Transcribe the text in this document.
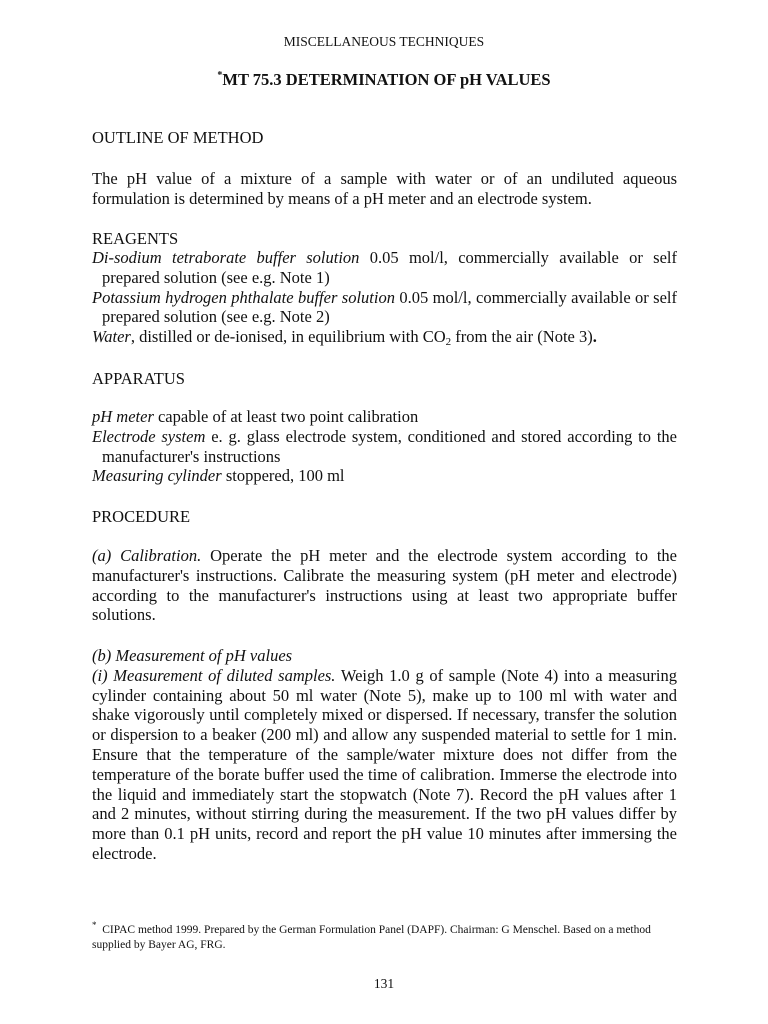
MISCELLANEOUS TECHNIQUES
*MT 75.3 DETERMINATION OF pH VALUES
OUTLINE OF METHOD
The pH value of a mixture of a sample with water or of an undiluted aqueous formulation is determined by means of a pH meter and an electrode system.
REAGENTS
Di-sodium tetraborate buffer solution 0.05 mol/l, commercially available or self prepared solution (see e.g. Note 1)
Potassium hydrogen phthalate buffer solution 0.05 mol/l, commercially available or self prepared solution (see e.g. Note 2)
Water, distilled or de-ionised, in equilibrium with $CO_2$ from the air (Note 3).
APPARATUS
pH meter capable of at least two point calibration
Electrode system e. g. glass electrode system, conditioned and stored according to the manufacturer's instructions
Measuring cylinder stoppered, 100 ml
PROCEDURE
(a) Calibration. Operate the pH meter and the electrode system according to the manufacturer's instructions. Calibrate the measuring system (pH meter and electrode) according to the manufacturer's instructions using at least two appropriate buffer solutions.
(b) Measurement of pH values
(i) Measurement of diluted samples. Weigh 1.0 g of sample (Note 4) into a measuring cylinder containing about 50 ml water (Note 5), make up to 100 ml with water and shake vigorously until completely mixed or dispersed. If necessary, transfer the solution or dispersion to a beaker (200 ml) and allow any suspended material to settle for 1 min. Ensure that the temperature of the sample/water mixture does not differ from the temperature of the borate buffer used the time of calibration. Immerse the electrode into the liquid and immediately start the stopwatch (Note 7). Record the pH values after 1 and 2 minutes, without stirring during the measurement. If the two pH values differ by more than 0.1 pH units, record and report the pH value 10 minutes after immersing the electrode.
* CIPAC method 1999. Prepared by the German Formulation Panel (DAPF). Chairman: G Menschel. Based on a method supplied by Bayer AG, FRG.
131
